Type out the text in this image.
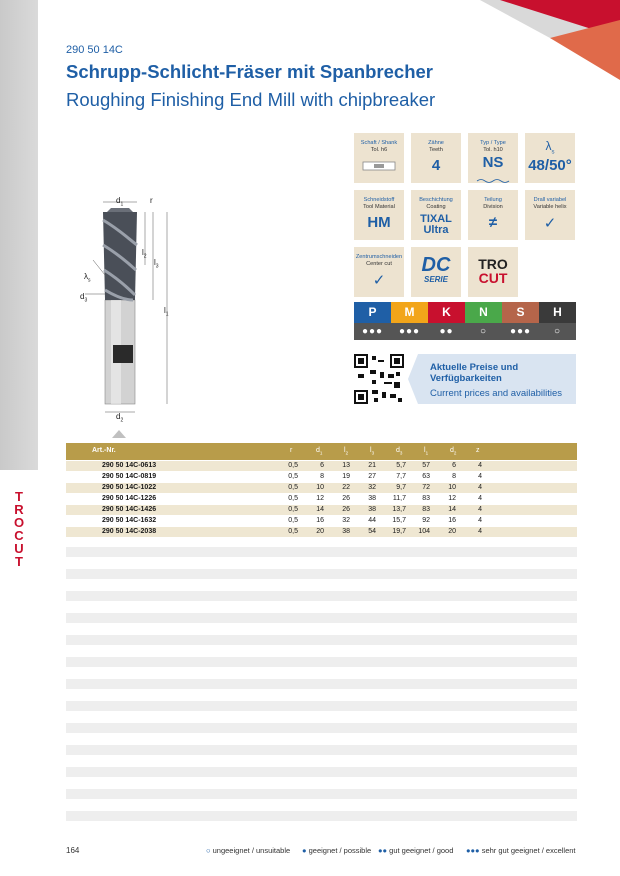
T
R
O
C
U
T
290 50 14C
Schrupp-Schlicht-Fräser mit Spanbrecher
Roughing Finishing End Mill with chipbreaker
$d_1$	r
$l_2$
$l_3$
$l_1$
$\lambda_s$
$d_3$
$d_2$
Schaft / Shank
Tol. h6
Zähne
Teeth
4
Typ / Type
Tol. h10
NS
$\lambda_s$
48/50°
Schneidstoff
Tool Material
HM
Beschichtung
Coating
TIXAL
Ultra
Teilung
Division
≠
Drall variabel
Variable helix
✓
Zentrumschneiden
Center cut
✓
DC
SERIE
TRO
CUT
Aktuelle Preise und Verfügbarkeiten
Current prices and availabilities
Art.-Nr.	r	$d_1$	$l_2$	$l_3$	$d_3$	$l_1$	$d_2$	z
290 50 14C-0613	0,5	6	13	21	5,7	57	6	4
290 50 14C-0819	0,5	8	19	27	7,7	63	8	4
290 50 14C-1022	0,5	10	22	32	9,7	72	10	4
290 50 14C-1226	0,5	12	26	38	11,7	83	12	4
290 50 14C-1426	0,5	14	26	38	13,7	83	14	4
290 50 14C-1632	0,5	16	32	44	15,7	92	16	4
290 50 14C-2038	0,5	20	38	54	19,7	104	20	4
164	○ ungeeignet / unsuitable ● geeignet / possible ●● gut geeignet / good ●●● sehr gut geeignet / excellent
P
●●●
M
●●●
K
●●
N
○
S
●●●
H
○
